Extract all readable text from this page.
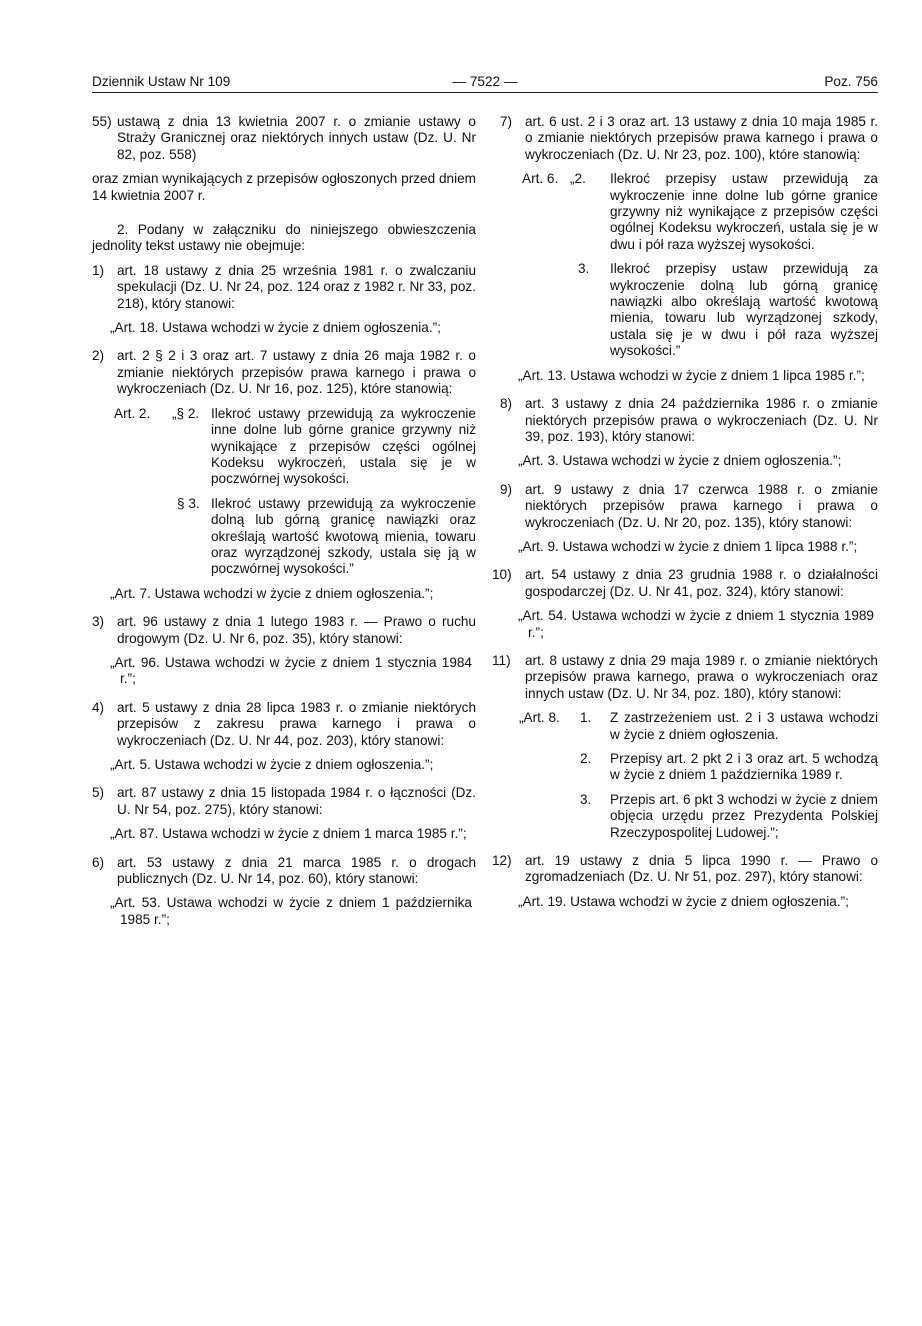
— 7522 —
Dziennik Ustaw Nr 109	Poz. 756
55) ustawą z dnia 13 kwietnia 2007 r. o zmianie ustawy o Straży Granicznej oraz niektórych innych ustaw (Dz. U. Nr 82, poz. 558)

oraz zmian wynikających z przepisów ogłoszonych przed dniem 14 kwietnia 2007 r.

2. Podany w załączniku do niniejszego obwieszczenia jednolity tekst ustawy nie obejmuje:

1) art. 18 ustawy z dnia 25 września 1981 r. o zwalczaniu spekulacji (Dz. U. Nr 24, poz. 124 oraz z 1982 r. Nr 33, poz. 218), który stanowi:

„Art. 18. Ustawa wchodzi w życie z dniem ogłoszenia.”;

2) art. 2 § 2 i 3 oraz art. 7 ustawy z dnia 26 maja 1982 r. o zmianie niektórych przepisów prawa karnego i prawa o wykroczeniach (Dz. U. Nr 16, poz. 125), które stanowią:

Art. 2. „§ 2. Ilekroć ustawy przewidują za wykroczenie inne dolne lub górne granice grzywny niż wynikające z przepisów części ogólnej Kodeksu wykroczeń, ustala się je w poczwórnej wysokości.

§ 3. Ilekroć ustawy przewidują za wykroczenie dolną lub górną granicę nawiązki oraz określają wartość kwotową mienia, towaru oraz wyrządzonej szkody, ustala się ją w poczwórnej wysokości.”

„Art. 7. Ustawa wchodzi w życie z dniem ogłoszenia.”;

3) art. 96 ustawy z dnia 1 lutego 1983 r. — Prawo o ruchu drogowym (Dz. U. Nr 6, poz. 35), który stanowi:

„Art. 96. Ustawa wchodzi w życie z dniem 1 stycznia 1984 r.”;

4) art. 5 ustawy z dnia 28 lipca 1983 r. o zmianie niektórych przepisów z zakresu prawa karnego i prawa o wykroczeniach (Dz. U. Nr 44, poz. 203), który stanowi:

„Art. 5. Ustawa wchodzi w życie z dniem ogłoszenia.”;

5) art. 87 ustawy z dnia 15 listopada 1984 r. o łączności (Dz. U. Nr 54, poz. 275), który stanowi:

„Art. 87. Ustawa wchodzi w życie z dniem 1 marca 1985 r.”;

6) art. 53 ustawy z dnia 21 marca 1985 r. o drogach publicznych (Dz. U. Nr 14, poz. 60), który stanowi:

„Art. 53. Ustawa wchodzi w życie z dniem 1 października 1985 r.”;

7) art. 6 ust. 2 i 3 oraz art. 13 ustawy z dnia 10 maja 1985 r. o zmianie niektórych przepisów prawa karnego i prawa o wykroczeniach (Dz. U. Nr 23, poz. 100), które stanowią:

Art. 6. „2. Ilekroć przepisy ustaw przewidują za wykroczenie inne dolne lub górne granice grzywny niż wynikające z przepisów części ogólnej Kodeksu wykroczeń, ustala się je w dwu i pół raza wyższej wysokości.

3. Ilekroć przepisy ustaw przewidują za wykroczenie dolną lub górną granicę nawiązki albo określają wartość kwotową mienia, towaru lub wyrządzonej szkody, ustala się je w dwu i pół raza wyższej wysokości.”

„Art. 13. Ustawa wchodzi w życie z dniem 1 lipca 1985 r.”;

8) art. 3 ustawy z dnia 24 października 1986 r. o zmianie niektórych przepisów prawa o wykroczeniach (Dz. U. Nr 39, poz. 193), który stanowi:

„Art. 3. Ustawa wchodzi w życie z dniem ogłoszenia.”;

9) art. 9 ustawy z dnia 17 czerwca 1988 r. o zmianie niektórych przepisów prawa karnego i prawa o wykroczeniach (Dz. U. Nr 20, poz. 135), który stanowi:

„Art. 9. Ustawa wchodzi w życie z dniem 1 lipca 1988 r.”;

10) art. 54 ustawy z dnia 23 grudnia 1988 r. o działalności gospodarczej (Dz. U. Nr 41, poz. 324), który stanowi:

„Art. 54. Ustawa wchodzi w życie z dniem 1 stycznia 1989 r.”;

11) art. 8 ustawy z dnia 29 maja 1989 r. o zmianie niektórych przepisów prawa karnego, prawa o wykroczeniach oraz innych ustaw (Dz. U. Nr 34, poz. 180), który stanowi:

„Art. 8. 1. Z zastrzeżeniem ust. 2 i 3 ustawa wchodzi w życie z dniem ogłoszenia.

2. Przepisy art. 2 pkt 2 i 3 oraz art. 5 wchodzą w życie z dniem 1 października 1989 r.

3. Przepis art. 6 pkt 3 wchodzi w życie z dniem objęcia urzędu przez Prezydenta Polskiej Rzeczypospolitej Ludowej.”;

12) art. 19 ustawy z dnia 5 lipca 1990 r. — Prawo o zgromadzeniach (Dz. U. Nr 51, poz. 297), który stanowi:

„Art. 19. Ustawa wchodzi w życie z dniem ogłoszenia.”;
